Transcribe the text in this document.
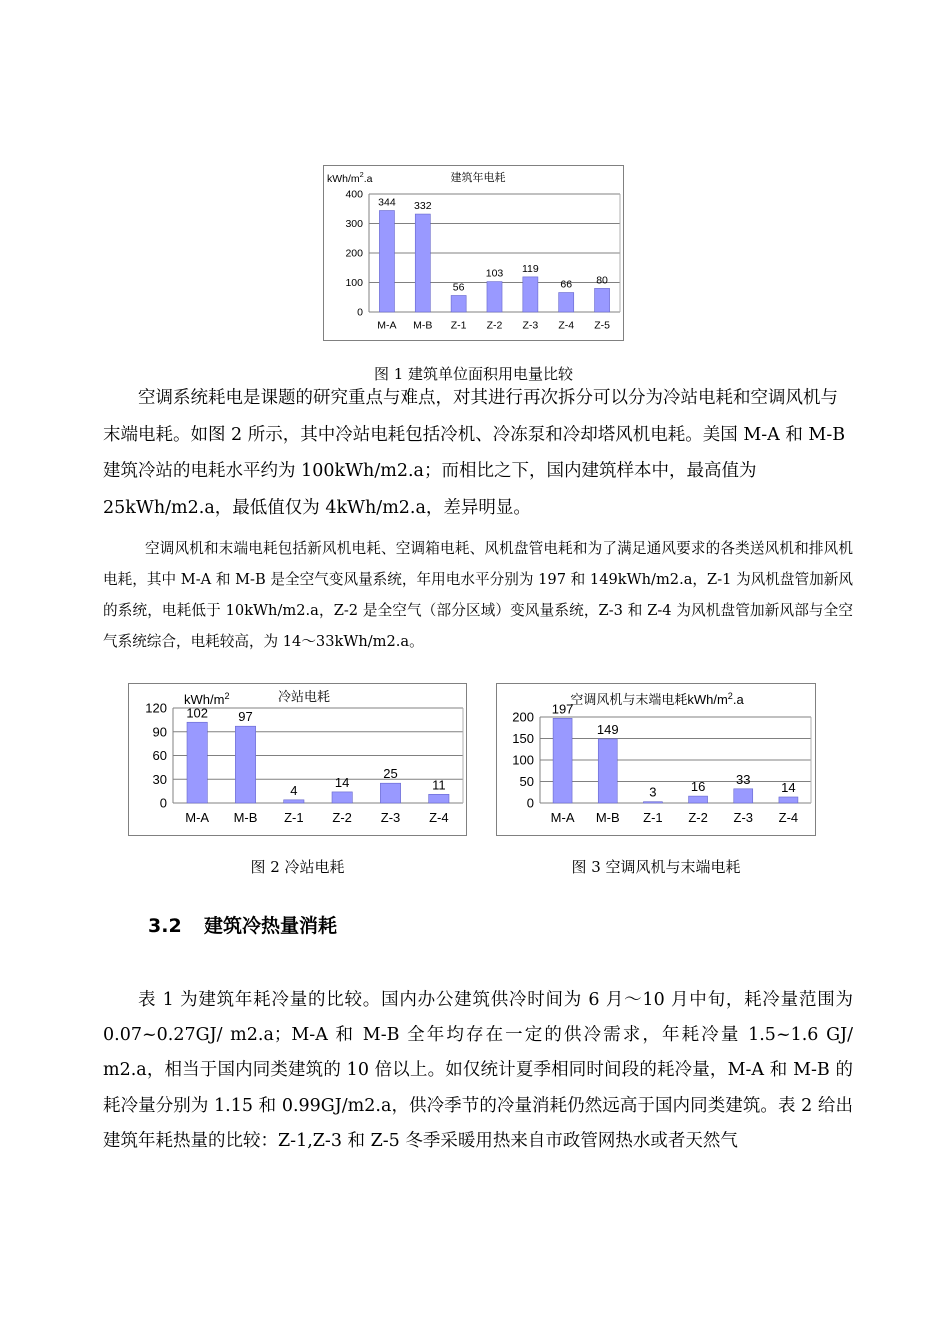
0
100
200
300
400
344
M-A
332
M-B
56
Z-1
103
Z-2
119
Z-3
66
Z-4
80
Z-5
kWh/$m^2.a$	建筑年电耗
图 1 建筑单位面积用电量比较

空调系统耗电是课题的研究重点与难点，对其进行再次拆分可以分为冷站电耗和空调风机与末端电耗。如图 2 所示，其中冷站电耗包括冷机、冷冻泵和冷却塔风机电耗。美国 M-A 和 M-B 建筑冷站的电耗水平约为 100kWh/m2.a；而相比之下，国内建筑样本中，最高值为 25kWh/m2.a，最低值仅为 4kWh/m2.a，差异明显。

空调风机和末端电耗包括新风机电耗、空调箱电耗、风机盘管电耗和为了满足通风要求的各类送风机和排风机电耗，其中 M-A 和 M-B 是全空气变风量系统，年用电水平分别为 197 和 149kWh/m2.a，Z-1 为风机盘管加新风的系统，电耗低于 10kWh/m2.a，Z-2 是全空气（部分区域）变风量系统，Z-3 和 Z-4 为风机盘管加新风部与全空气系统综合，电耗较高，为 14～33kWh/m2.a。

0
30
60
90
120 102
M-A
97
M-B
4
Z-1
14
Z-2
25
Z-3
11
Z-4
kWh/$m^2$	冷站电耗
图 2 冷站电耗
0
50
100
150
200
197
M-A
149
M-B
3
Z-1
16
Z-2
33
Z-3
14
Z-4
空调风机与末端电耗kWh/$m^2.a$
图 3 空调风机与末端电耗
3.2 建筑冷热量消耗

表 1 为建筑年耗冷量的比较。国内办公建筑供冷时间为 6 月～10 月中旬，耗冷量范围为 0.07~0.27GJ/ m2.a；M-A 和 M-B 全年均存在一定的供冷需求，年耗冷量 1.5~1.6 GJ/ m2.a，相当于国内同类建筑的 10 倍以上。如仅统计夏季相同时间段的耗冷量，M-A 和 M-B 的耗冷量分别为 1.15 和 0.99GJ/m2.a，供冷季节的冷量消耗仍然远高于国内同类建筑。表 2 给出建筑年耗热量的比较：Z-1,Z-3 和 Z-5 冬季采暖用热来自市政管网热水或者天然气
